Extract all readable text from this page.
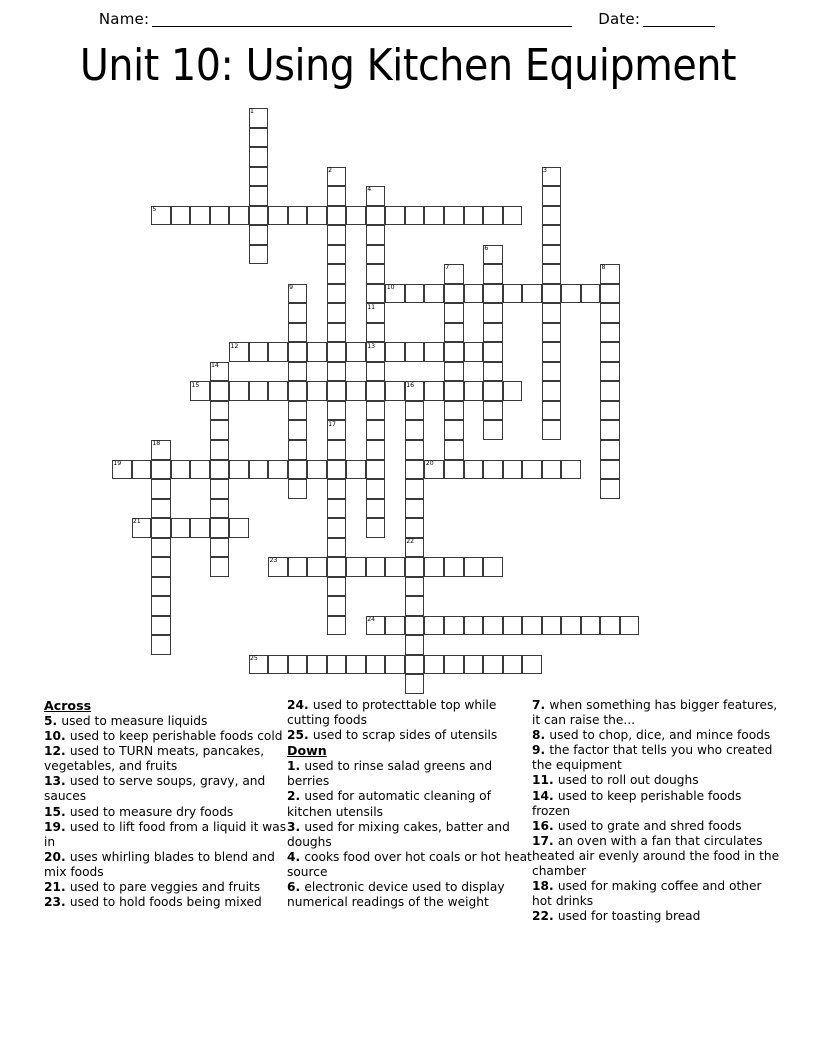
Name:	Date:
Unit 10: Using Kitchen Equipment
1
2	3
4
5
6
7	8
9	10
11
12	13
14
15	16
17
18
19	20
21
22
23
24
25
Across
5. used to measure liquids
10. used to keep perishable foods cold
12. used to TURN meats, pancakes, vegetables, and fruits
13. used to serve soups, gravy, and sauces
15. used to measure dry foods
19. used to lift food from a liquid it was in
20. uses whirling blades to blend and mix foods
21. used to pare veggies and fruits
23. used to hold foods being mixed
24. used to protecttable top while cutting foods
25. used to scrap sides of utensils
Down
1. used to rinse salad greens and berries
2. used for automatic cleaning of kitchen utensils
3. used for mixing cakes, batter and doughs
4. cooks food over hot coals or hot heat source
6. electronic device used to display numerical readings of the weight
7. when something has bigger features, it can raise the...
8. used to chop, dice, and mince foods
9. the factor that tells you who created the equipment
11. used to roll out doughs
14. used to keep perishable foods frozen
16. used to grate and shred foods
17. an oven with a fan that circulates heated air evenly around the food in the chamber
18. used for making coffee and other hot drinks
22. used for toasting bread
